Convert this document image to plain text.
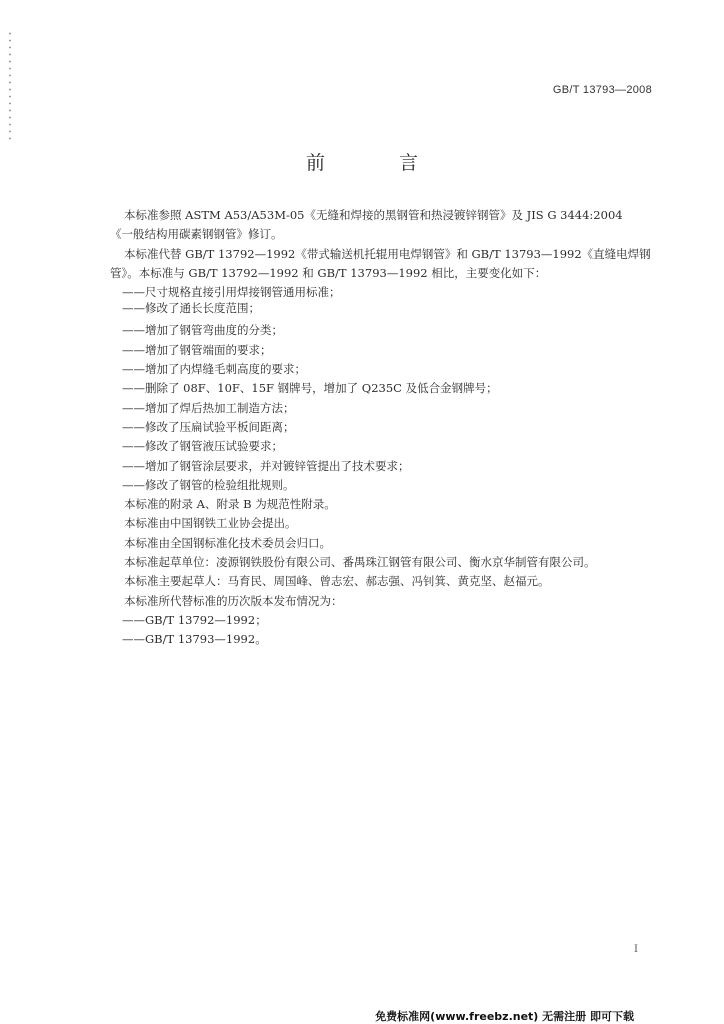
GB/T 13793—2008
前 言

本标准参照 ASTM A53/A53M-05《无缝和焊接的黑钢管和热浸镀锌钢管》及 JIS G 3444:2004

《一般结构用碳素钢钢管》修订。

本标准代替 GB/T 13792—1992《带式输送机托辊用电焊钢管》和 GB/T 13793—1992《直缝电焊钢

管》。本标准与 GB/T 13792—1992 和 GB/T 13793—1992 相比，主要变化如下：

——尺寸规格直接引用焊接钢管通用标准；

——修改了通长长度范围；

——增加了钢管弯曲度的分类；

——增加了钢管端面的要求；

——增加了内焊缝毛刺高度的要求；

——删除了 08F、10F、15F 钢牌号，增加了 Q235C 及低合金钢牌号；

——增加了焊后热加工制造方法；

——修改了压扁试验平板间距离；

——修改了钢管液压试验要求；

——增加了钢管涂层要求，并对镀锌管提出了技术要求；

——修改了钢管的检验组批规则。

本标准的附录 A、附录 B 为规范性附录。

本标准由中国钢铁工业协会提出。

本标准由全国钢标准化技术委员会归口。

本标准起草单位：凌源钢铁股份有限公司、番禺珠江钢管有限公司、衡水京华制管有限公司。

本标准主要起草人：马育民、周国峰、曾志宏、郝志强、冯钊箕、黄克坚、赵福元。

本标准所代替标准的历次版本发布情况为：

——GB/T 13792—1992；

——GB/T 13793—1992。

I
免费标准网(www.freebz.net) 无需注册 即可下载
